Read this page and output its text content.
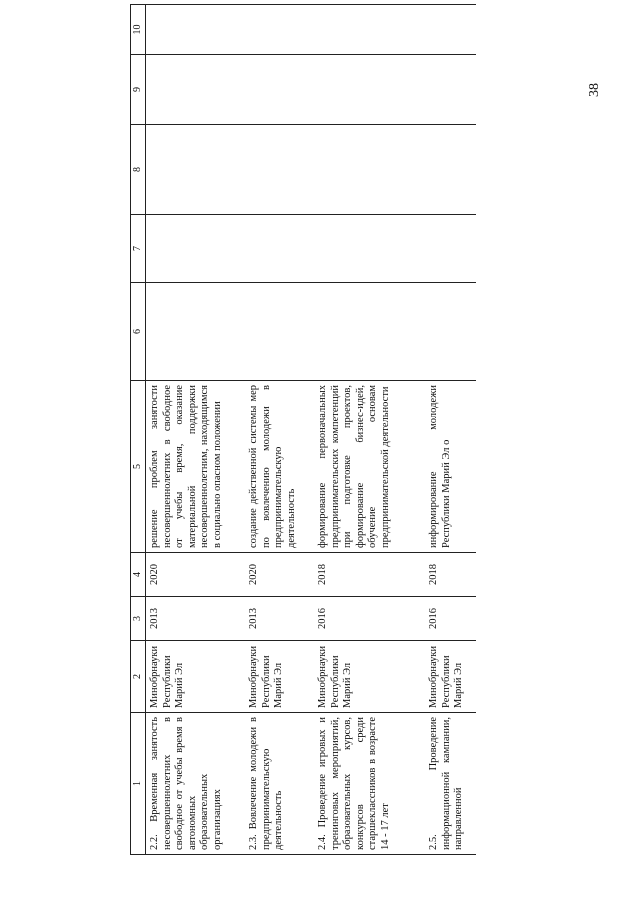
38
1	2	3	4	5	6	7	8	9	10
2.2. Временная занятость несовершеннолетних в свободное от учебы время в автономных образовательных организациях	Минобрнауки Республики Марий Эл	2013	2020	решение проблем занятости несовершеннолетних в свободное от учебы время, оказание материальной поддержки несовершеннолетним, находящимся в социально опасном положении					
2.3. Вовлечение молодежи в предпринимательскую деятельность	Минобрнауки Республики Марий Эл	2013	2020	создание действенной системы мер по вовлечению молодежи в предпринимательскую деятельность					
2.4. Проведение игровых и тренинговых мероприятий, образовательных курсов, конкурсов среди старшеклассников в возрасте 14 - 17 лет	Минобрнауки Республики Марий Эл	2016	2018	формирование первоначальных предпринимательских компетенций при подготовке проектов, формирование бизнес-идей, обучение основам предпринимательской деятельности					
2.5. Проведение информационной кампании, направленной	Минобрнауки Республики Марий Эл	2016	2018	информирование молодежи Республики Марий Эл о					
